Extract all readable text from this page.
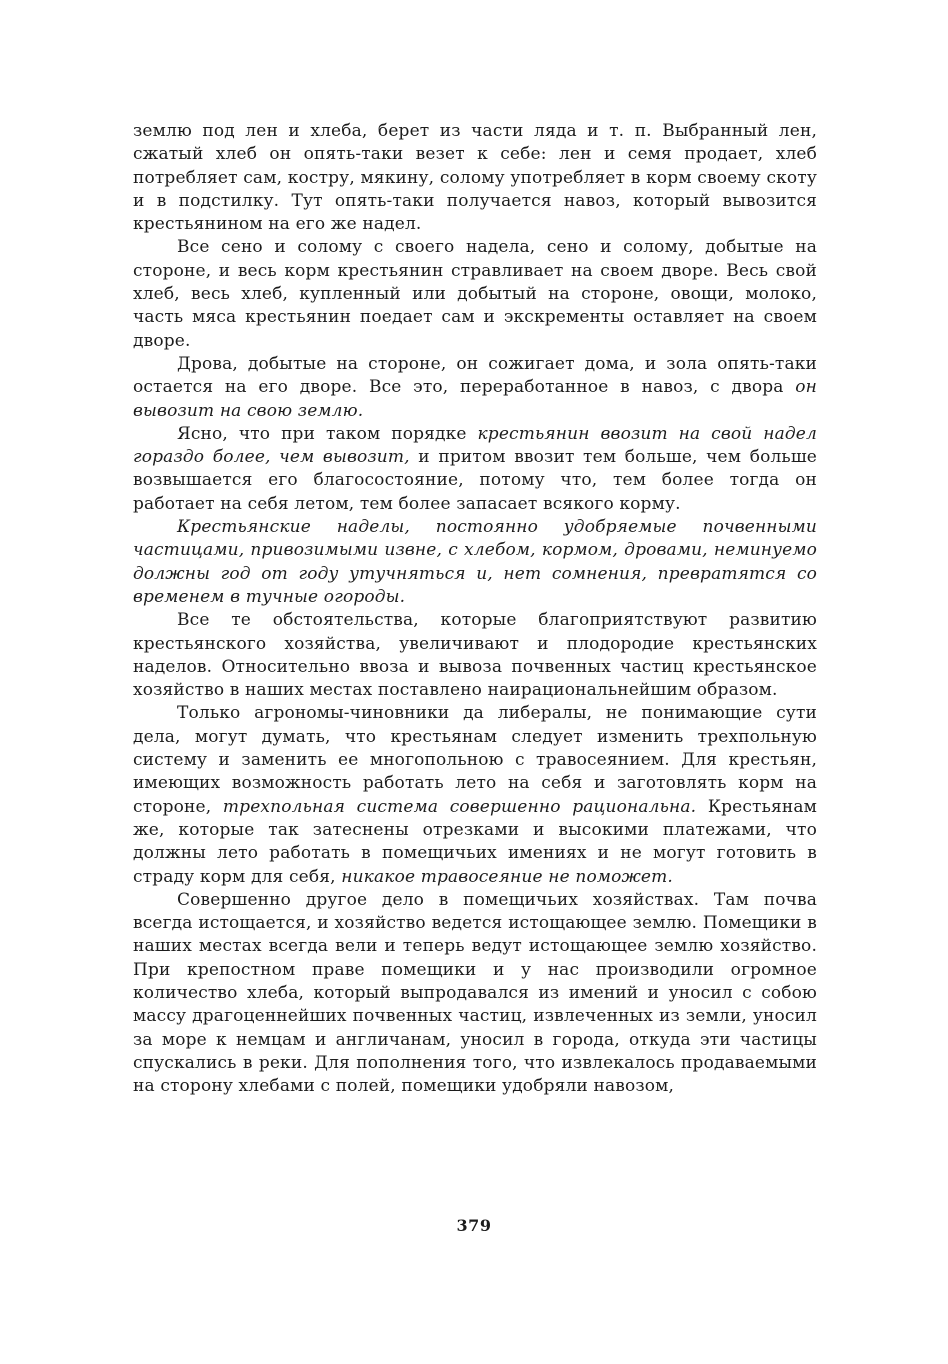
землю под лен и хлеба, берет из части ляда и т. п. Выбранный лен, сжатый хлеб он опять-таки везет к себе: лен и семя продает, хлеб потребляет сам, костру, мякину, солому употребляет в корм своему скоту и в подстилку. Тут опять-таки получается навоз, который вывозится крестьянином на его же надел.

Все сено и солому с своего надела, сено и солому, добытые на стороне, и весь корм крестьянин стравливает на своем дворе. Весь свой хлеб, весь хлеб, купленный или добытый на стороне, овощи, молоко, часть мяса крестьянин поедает сам и экскременты оставляет на своем дворе.

Дрова, добытые на стороне, он сожигает дома, и зола опять-таки остается на его дворе. Все это, переработанное в навоз, с двора он вывозит на свою землю.

Ясно, что при таком порядке крестьянин ввозит на свой надел гораздо более, чем вывозит, и притом ввозит тем больше, чем больше возвышается его благосостояние, потому что, тем более тогда он работает на себя летом, тем более запасает всякого корму.

Крестьянские наделы, постоянно удобряемые почвенными частицами, привозимыми извне, с хлебом, кормом, дровами, неминуемо должны год от году утучняться и, нет сомнения, превратятся со временем в тучные огороды.

Все те обстоятельства, которые благоприятствуют развитию крестьянского хозяйства, увеличивают и плодородие крестьянских наделов. Относительно ввоза и вывоза почвенных частиц крестьянское хозяйство в наших местах поставлено наирациональнейшим образом.

Только агрономы-чиновники да либералы, не понимающие сути дела, могут думать, что крестьянам следует изменить трехпольную систему и заменить ее многопольною с травосеянием. Для крестьян, имеющих возможность работать лето на себя и заготовлять корм на стороне, трехпольная система совершенно рациональна. Крестьянам же, которые так затеснены отрезками и высокими платежами, что должны лето работать в помещичьих имениях и не могут готовить в страду корм для себя, никакое травосеяние не поможет.

Совершенно другое дело в помещичьих хозяйствах. Там почва всегда истощается, и хозяйство ведется истощающее землю. Помещики в наших местах всегда вели и теперь ведут истощающее землю хозяйство. При крепостном праве помещики и у нас производили огромное количество хлеба, который выпродавался из имений и уносил с собою массу драгоценнейших почвенных частиц, извлеченных из земли, уносил за море к немцам и англичанам, уносил в города, откуда эти частицы спускались в реки. Для пополнения того, что извлекалось продаваемыми на сторону хлебами с полей, помещики удобряли навозом,

379
